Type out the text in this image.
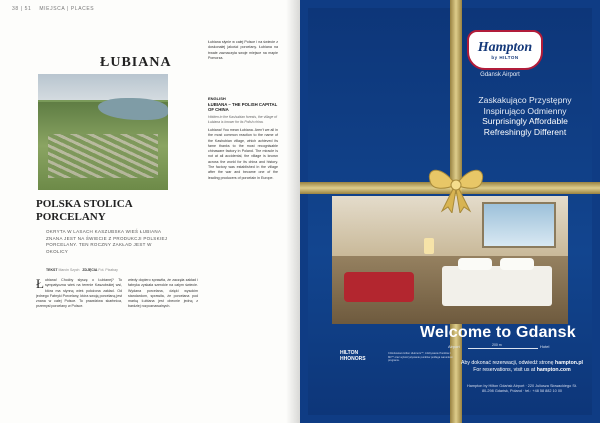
38 | 51 MIEJSCA | PLACES
ŁUBIANA
POLSKA STOLICA
PORCELANY
OKRYTA W LASACH KASZUBSKA WIEŚ ŁUBIANA ZNANA JEST NA ŚWIECIE Z PRODUKCJI POLSKIEJ PORCELANY. TEN ROCZNY ZAKŁAD JEST W OKOLICY
TEKST Marcin Szych ZDJĘCIA Fot. Pixabay
Ł ubiana! Choćby słyszę o Łubianej? To sympatyczna wieś na terenie Kaszubskiej wsi, która ma słynną wieś położona zakład. Od jednego Fabryki Porcelany, która swoją porcelaną jest znana w całej Polsce. To prawdziwa skarbnica, przemysł porcelany w Polsce.
wtedy dopiero sprawiła, że zaczęła zakład i fabryka zyskała szerokie na całym świecie. Wydana porcelana, dzięki wysokim standardom, sprawiła, że porcelana pod marką Łubiana jest obecnie jedną z bardziej rozpoznawalnych.
Łubiana słynie w całej Polsce i na świecie z doskonałej jakości porcelany. Łubiana na trwałe zaznaczyła swoje miejsce na mapie Pomorza.
ENGLISH
ŁUBIANA – THE POLISH CAPITAL OF CHINA
Hidden in the Kashubian forests, the village of Łubiana is known for its Polish china.
Łubiana! You mean Łubiana. Aren't we all in the most common reaction to the name of the Kashubian village, which achieved its fame thanks to the most recognisable chinaware factory in Poland. The miracle is not at all accidental, the village is known across the world for its china and history. The factory was established in the village after the war and became one of the leading producers of porcelain in Europe.
Hampton
by HILTON
Gdansk Airport
Zaskakująco Przystępny
Inspirująco Odmienny
Surprisingly Affordable
Refreshingly Different
Welcome to Gdansk
Airport	200 m	Hotel
Aby dokonać rezerwacji, odwiedź stronę hampton.pl
For reservations, visit us at hampton.com
Hampton by Hilton Gdańsk Airport · 220 Juliusza Słowackiego St.
80-298 Gdańsk, Poland · tel.: +48 58 882 10 00
HILTON
HHONORS
Członkostwo Hilton HHonors™, zdobywanie Punktów i Mil™ oraz wykorzystywanie punktów podlega warunkom programu.
